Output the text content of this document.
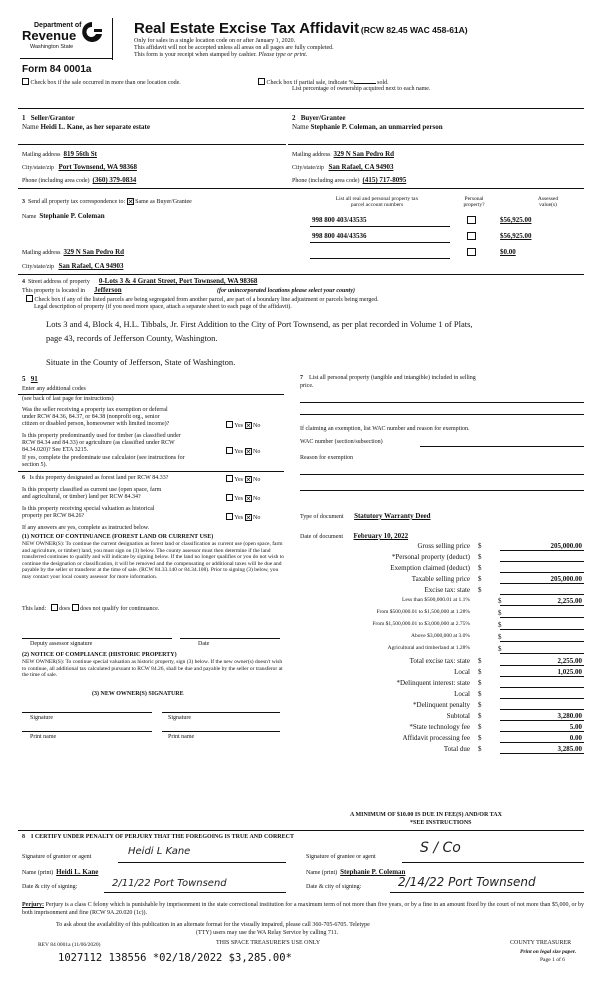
Department of
Revenue
Washington State
Real Estate Excise Tax Affidavit (RCW 82.45 WAC 458-61A)
Only for sales in a single location code on or after January 1, 2020.
This affidavit will not be accepted unless all areas on all pages are fully completed.
This form is your receipt when stamped by cashier. Please type or print.
Form 84 0001a
Check box if the sale occurred in more than one location code.	Check box if partial sale, indicate %	sold.
List percentage of ownership acquired next to each name.
1 Seller/Grantor
Name Heidi L. Kane, as her separate estate
Mailing address 819 56th St
City/state/zip Port Townsend, WA 98368
Phone (including area code) (360) 379-0834
2 Buyer/Grantee
Name Stephanie P. Coleman, an unmarried person
Mailing address 329 N San Pedro Rd
City/state/zip San Rafael, CA 94903
Phone (including area code) (415) 717-8095
3 Send all property tax correspondence to: ✕ Same as Buyer/Grantee
Name Stephanie P. Coleman
Mailing address 329 N San Pedro Rd
City/state/zip San Rafael, CA 94903
List all real and personal property tax
parcel account numbers
Personal
property?
Assessed
value(s)
998 800 403/43535	$56,925.00
998 800 404/43536	$56,925.00
$0.00
4 Street address of property 0-Lots 3 & 4 Grant Street, Port Townsend, WA 98368
This property is located in Jefferson	(for unincorporated locations please select your county)
Check box if any of the listed parcels are being segregated from another parcel, are part of a boundary line adjustment or parcels being merged.
Legal description of property (if you need more space, attach a separate sheet to each page of the affidavit).
Lots 3 and 4, Block 4, H.L. Tibbals, Jr. First Addition to the City of Port Townsend, as per plat recorded in Volume 1 of Plats,
page 43, records of Jefferson County, Washington.
Situate in the County of Jefferson, State of Washington.
5 91
Enter any additional codes
(see back of last page for instructions)
Was the seller receiving a property tax exemption or deferral
under RCW 84.36, 84.37, or 84.38 (nonprofit org., senior
citizen or disabled person, homeowner with limited income)?	Yes ✕ No
Is this property predominantly used for timber (as classified under
RCW 84.34 and 84.33) or agriculture (as classified under RCW
84.34.020)? See ETA 3215.	Yes ✕ No
If yes, complete the predominate use calculator (see instructions for
section 5).
6 Is this property designated as forest land per RCW 84.33?	Yes ✕ No
Is this property classified as current use (open space, farm
and agricultural, or timber) land per RCW 84.34?	Yes ✕ No
Is this property receiving special valuation as historical
property per RCW 84.26?	Yes ✕ No
If any answers are yes, complete as instructed below.
(1) NOTICE OF CONTINUANCE (FOREST LAND OR CURRENT USE)
NEW OWNER(S): To continue the current designation as forest land or classification as current use (open space, farm and agriculture, or timber) land, you must sign on (3) below. The county assessor must then determine if the land transferred continues to qualify and will indicate by signing below. If the land no longer qualifies or you do not wish to continue the designation or classification, it will be removed and the compensating or additional taxes will be due and payable by the seller or transferor at the time of sale. (RCW 84.33.140 or 84.34.108). Prior to signing (3) below, you may contact your local county assessor for more information.
This land: does does not qualify for continuance.
Deputy assessor signature	Date
(2) NOTICE OF COMPLIANCE (HISTORIC PROPERTY)
NEW OWNER(S): To continue special valuation as historic property, sign (3) below. If the new owner(s) doesn't wish to continue, all additional tax calculated pursuant to RCW 84.26, shall be due and payable by the seller or transferor at the time of sale.
(3) NEW OWNER(S) SIGNATURE
Signature	Signature
Print name	Print name
7 List all personal property (tangible and intangible) included in selling
price.
If claiming an exemption, list WAC number and reason for exemption.
WAC number (section/subsection)
Reason for exemption
Type of document Statutory Warranty Deed
Date of document February 10, 2022
Gross selling price $	205,000.00
*Personal property (deduct) $
Exemption claimed (deduct) $
Taxable selling price $	205,000.00
Excise tax: state $
Less than $500,000.01 at 1.1%	$	2,255.00
From $500,000.01 to $1,500,000 at 1.28%	$
From $1,500,000.01 to $3,000,000 at 2.75%	$
Above $3,000,000 at 3.0%	$
Agricultural and timberland at 1.28%	$
Total excise tax: state $	2,255.00
Local $	1,025.00
*Delinquent interest: state $
Local $
*Delinquent penalty $
Subtotal $	3,280.00
*State technology fee $	5.00
Affidavit processing fee $	0.00
Total due $	3,285.00
A MINIMUM OF $10.00 IS DUE IN FEE(S) AND/OR TAX
*SEE INSTRUCTIONS
8 I CERTIFY UNDER PENALTY OF PERJURY THAT THE FOREGOING IS TRUE AND CORRECT
Signature of grantor or agent	Heidi L Kane	Signature of grantee or agent
S / Co
Name (print) Heidi L. Kane	Name (print) Stephanie P. Coleman
Date & city of signing:	2/11/22 Port Townsend	Date & city of signing:	2/14/22 Port Townsend
Perjury: Perjury is a class C felony which is punishable by imprisonment in the state correctional institution for a maximum term of not more than five years, or by a fine in an amount fixed by the court of not more than $5,000, or by both imprisonment and fine (RCW 9A.20.020 (1c)).
To ask about the availability of this publication in an alternate format for the visually impaired, please call 360-705-6705. Teletype
(TTY) users may use the WA Relay Service by calling 711.
REV 84 0001a (11/06/2020)	THIS SPACE TREASURER'S USE ONLY	COUNTY TREASURER
Print on legal size paper.
Page 1 of 6
1027112 138556 *02/18/2022 $3,285.00*
